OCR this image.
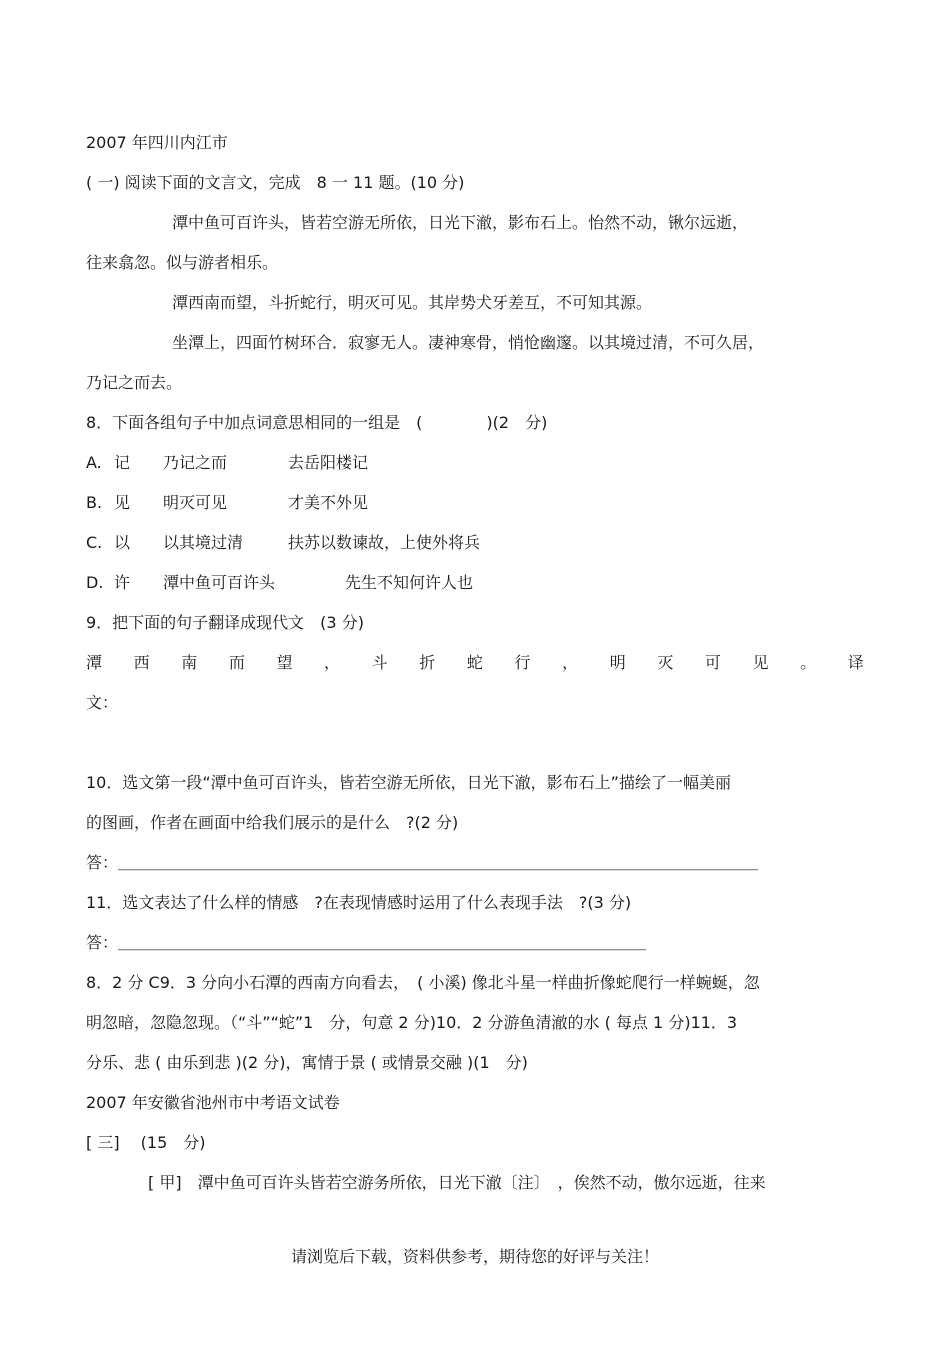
2007 年四川内江市
( 一) 阅读下面的文言文，完成　8 一 11 题。(10 分)
潭中鱼可百许头，皆若空游无所依，日光下澈，影布石上。怡然不动，锹尔远逝，
往来翕忽。似与游者相乐。
潭西南而望，斗折蛇行，明灭可见。其岸势犬牙差互，不可知其源。
坐潭上，四面竹树环合．寂寥无人。凄神寒骨，悄怆幽邃。以其境过清，不可久居，
乃记之而去。
8．下面各组句子中加点词意思相同的一组是　(　　　　)(2　分)
A. 记 乃记之而	去岳阳楼记
B. 见 明灭可见	才美不外见
C. 以 以其境过清	扶苏以数谏故，上使外将兵
D. 许 潭中鱼可百许头	先生不知何许人也
9．把下面的句子翻译成现代文　(3 分)
潭 西 南 而 望 ， 斗 折 蛇 行 ， 明 灭 可 见 。 译
文：
10．选文第一段“潭中鱼可百许头，皆若空游无所依，日光下澈，影布石上”描绘了一幅美丽
的图画，作者在画面中给我们展示的是什么　?(2 分)
答：＿＿＿＿＿＿＿＿＿＿＿＿＿＿＿＿＿＿＿＿＿＿＿＿＿＿＿＿＿＿＿＿＿＿＿＿＿＿＿＿
11．选文表达了什么样的情感　?在表现情感时运用了什么表现手法　?(3 分)
答：＿＿＿＿＿＿＿＿＿＿＿＿＿＿＿＿＿＿＿＿＿＿＿＿＿＿＿＿＿＿＿＿＿
8．2 分 C9．3 分向小石潭的西南方向看去，　( 小溪) 像北斗星一样曲折像蛇爬行一样蜿蜒，忽
明忽暗，忽隐忽现。（“斗”“蛇”1　分，句意 2 分)10．2 分游鱼清澈的水 ( 每点 1 分)11．3
分乐、悲 ( 由乐到悲 )(2 分)，寓情于景 ( 或情景交融 )(1　分)
2007 年安徽省池州市中考语文试卷
[ 三]　 (15　分)
[ 甲]　潭中鱼可百许头皆若空游务所依，日光下澈〔注〕　，俟然不动，傲尔远逝，往来
请浏览后下载，资料供参考，期待您的好评与关注！
